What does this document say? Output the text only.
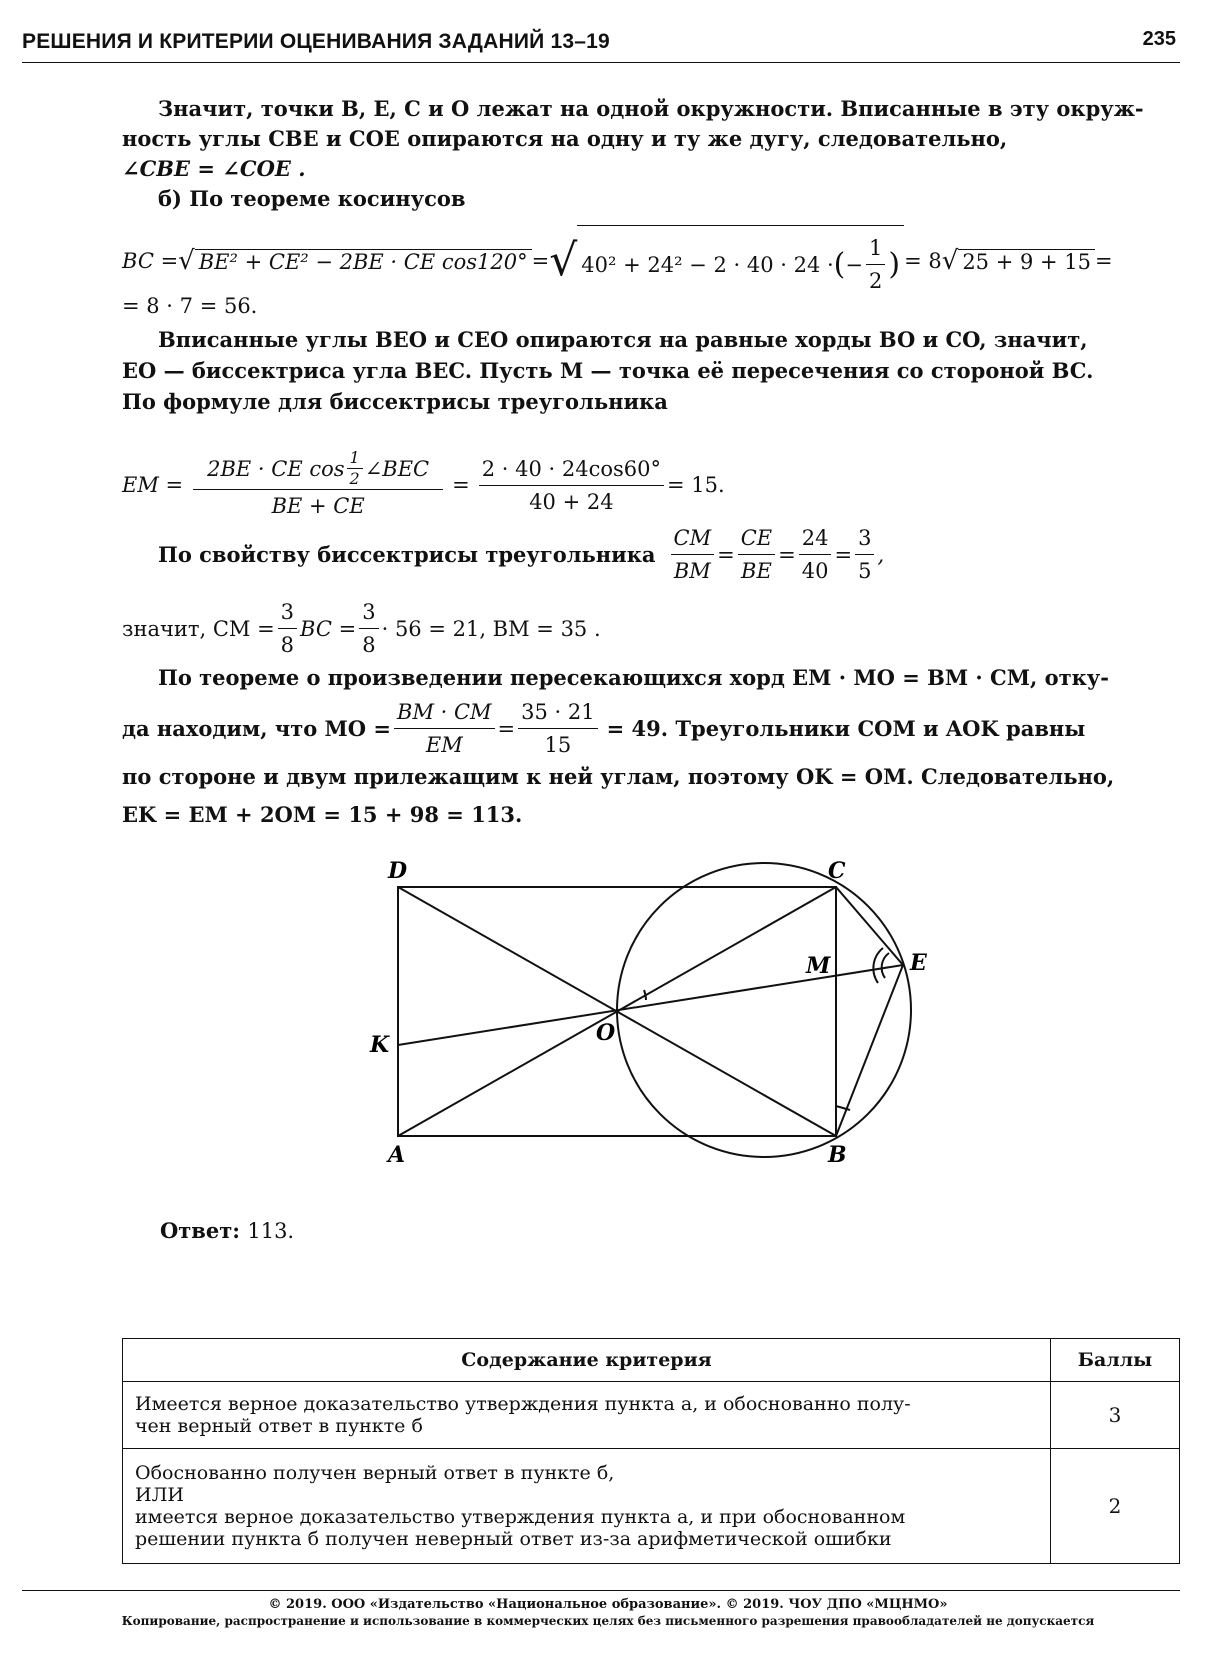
РЕШЕНИЯ И КРИТЕРИИ ОЦЕНИВАНИЯ ЗАДАНИЙ 13–19	235
Значит, точки B, E, C и O лежат на одной окружности. Вписанные в эту окруж-
ность углы CBE и COE опираются на одну и ту же дугу, следовательно,
∠CBE = ∠COE .
б) По теореме косинусов
BC = √ BE² + CE² − 2BE · CE cos120° = √ 40² + 24² − 2 · 40 · 24 · ( − $\frac{1}{2}$ ) = 8 √ 25 + 9 + 15 =
= 8 · 7 = 56.
Вписанные углы BEO и CEO опираются на равные хорды BO и CO, значит,
EO — биссектриса угла BEC. Пусть M — точка её пересечения со стороной BC.
По формуле для биссектрисы треугольника
EM = $\frac{2BE \cdot CE \cos \frac{1}{2} \angle BEC}{BE + CE} = \frac{2 \cdot 40 \cdot 24\cos 60^\circ}{40 + 24} = 15$.
По свойству биссектрисы треугольника $\frac{CM}{BM} = \frac{CE}{BE} = \frac{24}{40} = \frac{3}{5}$ ,
значит, CM = $\frac{3}{8}$ BC = $\frac{3}{8} \cdot 56 = 21$, BM = 35 .
По теореме о произведении пересекающихся хорд EM · MO = BM · CM, отку-
да находим, что MO = $\frac{BM \cdot CM}{EM} = \frac{35 \cdot 21}{15} = 49$. Треугольники COM и AOK равны
по стороне и двум прилежащим к ней углам, поэтому OK = OM. Следовательно,
EK = EM + 2OM = 15 + 98 = 113.
D	C
E
M
K	O
A	B
Ответ: 113.
Содержание критерия	Баллы

Имеется верное доказательство утверждения пункта а, и обоснованно полу-
чен верный ответ в пункте б	3

Обоснованно получен верный ответ в пункте б,
ИЛИ
имеется верное доказательство утверждения пункта а, и при обоснованном
решении пункта б получен неверный ответ из-за арифметической ошибки	2
© 2019. ООО «Издательство «Национальное образование». © 2019. ЧОУ ДПО «МЦНМО»
Копирование, распространение и использование в коммерческих целях без письменного разрешения правообладателей не допускается
